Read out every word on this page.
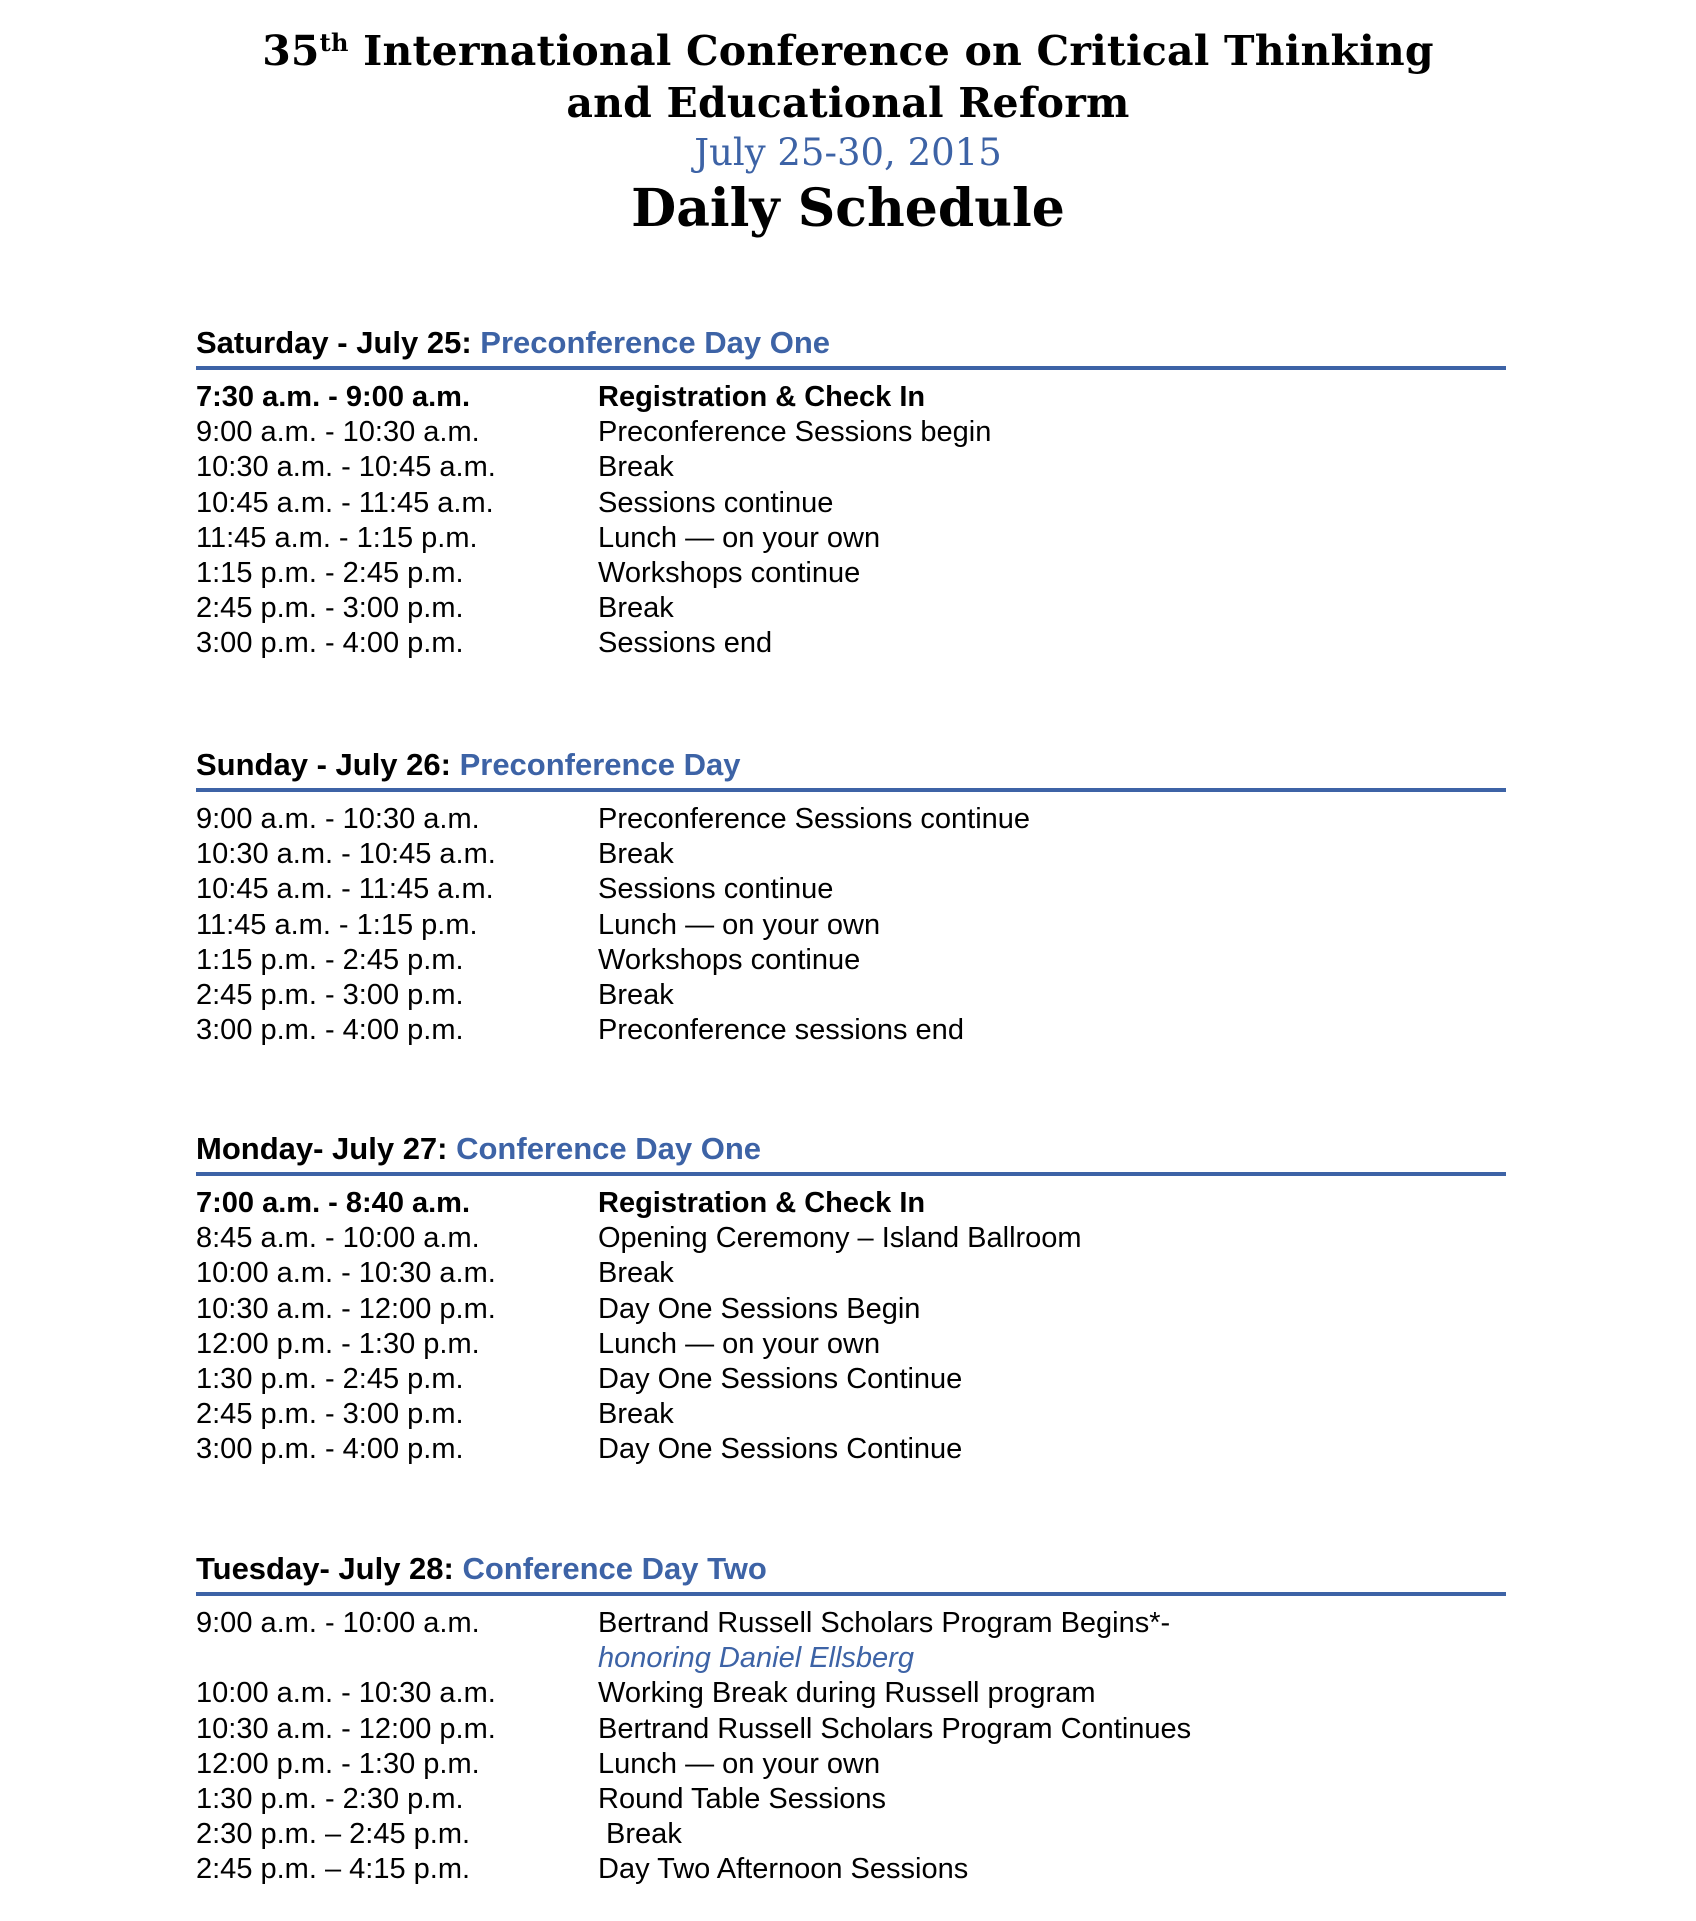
35th International Conference on Critical Thinking
and Educational Reform
July 25-30, 2015
Daily Schedule
Saturday - July 25: Preconference Day One
7:30 a.m. - 9:00 a.m.	Registration & Check In
9:00 a.m. - 10:30 a.m.	Preconference Sessions begin
10:30 a.m. - 10:45 a.m.	Break
10:45 a.m. - 11:45 a.m.	Sessions continue
11:45 a.m. - 1:15 p.m.	Lunch — on your own
1:15 p.m. - 2:45 p.m.	Workshops continue
2:45 p.m. - 3:00 p.m.	Break
3:00 p.m. - 4:00 p.m.	Sessions end
Sunday - July 26: Preconference Day
9:00 a.m. - 10:30 a.m.	Preconference Sessions continue
10:30 a.m. - 10:45 a.m.	Break
10:45 a.m. - 11:45 a.m.	Sessions continue
11:45 a.m. - 1:15 p.m.	Lunch — on your own
1:15 p.m. - 2:45 p.m.	Workshops continue
2:45 p.m. - 3:00 p.m.	Break
3:00 p.m. - 4:00 p.m.	Preconference sessions end
Monday- July 27: Conference Day One
7:00 a.m. - 8:40 a.m.	Registration & Check In
8:45 a.m. - 10:00 a.m.	Opening Ceremony – Island Ballroom
10:00 a.m. - 10:30 a.m.	Break
10:30 a.m. - 12:00 p.m.	Day One Sessions Begin
12:00 p.m. - 1:30 p.m.	Lunch — on your own
1:30 p.m. - 2:45 p.m.	Day One Sessions Continue
2:45 p.m. - 3:00 p.m.	Break
3:00 p.m. - 4:00 p.m.	Day One Sessions Continue
Tuesday- July 28: Conference Day Two
9:00 a.m. - 10:00 a.m.	Bertrand Russell Scholars Program Begins*-
honoring Daniel Ellsberg
10:00 a.m. - 10:30 a.m.	Working Break during Russell program
10:30 a.m. - 12:00 p.m.	Bertrand Russell Scholars Program Continues
12:00 p.m. - 1:30 p.m.	Lunch — on your own
1:30 p.m. - 2:30 p.m.	Round Table Sessions
2:30 p.m. – 2:45 p.m.	Break
2:45 p.m. – 4:15 p.m.	Day Two Afternoon Sessions
